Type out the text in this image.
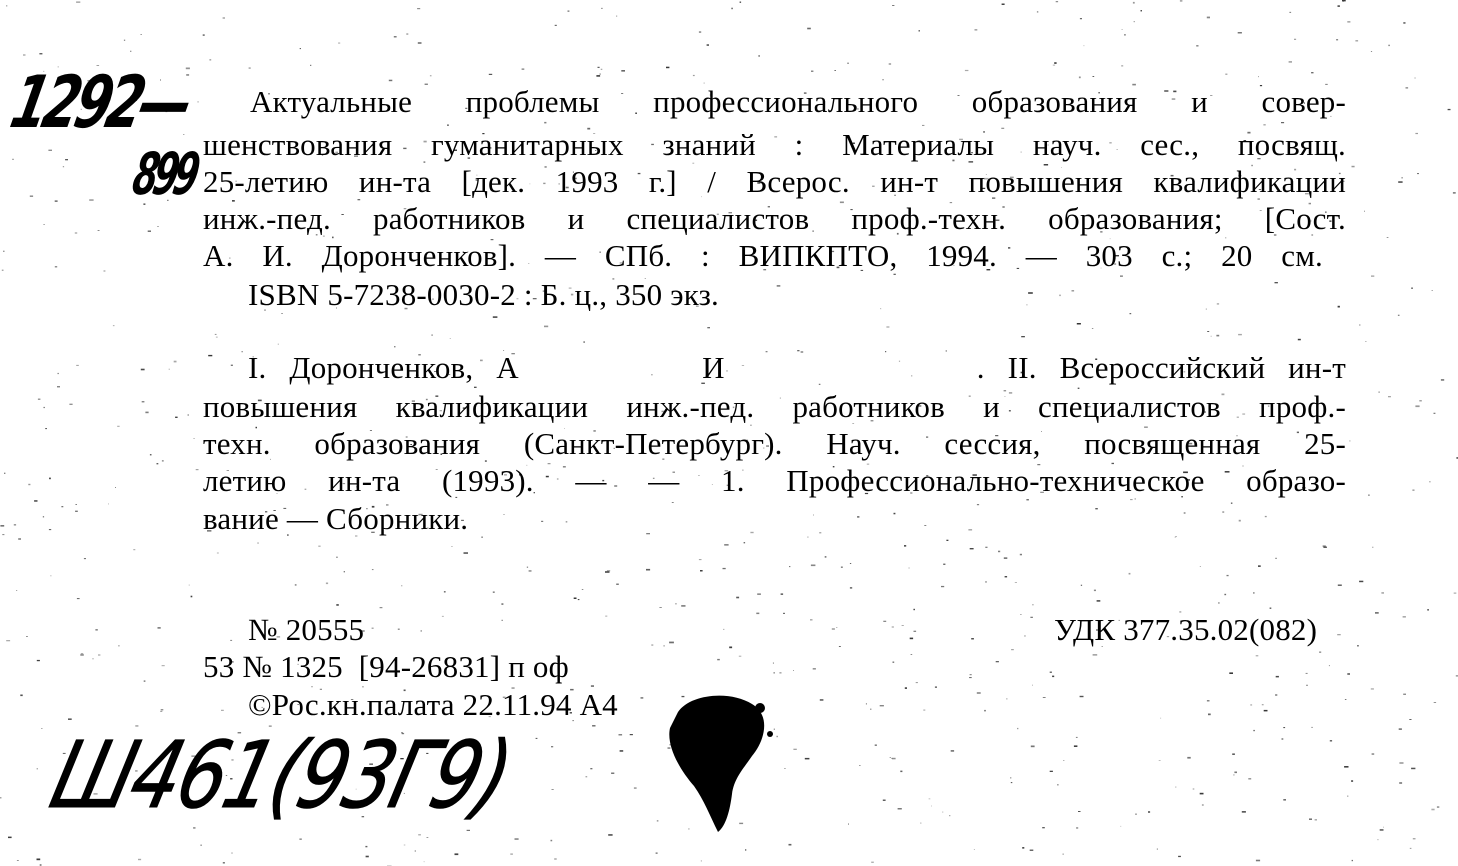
1292—
899
Актуальные проблемы профессионального образования и совер-
шенствования гуманитарных знаний : Материалы науч. сес., посвящ.
25-летию ин-та [дек. 1993 г.] / Всерос. ин-т повышения квалификации
инж.-пед. работников и специалистов проф.-техн. образования; [Сост.
А. И. Доронченков]. — СПб. : ВИПКПТО, 1994. — 303 с.; 20 см.
ISBN 5-7238-0030-2 : Б. ц., 350 экз.
I. Доронченков, А        И           . II. Всероссийский ин-т
повышения квалификации инж.-пед. работников и специалистов проф.-
техн. образования (Санкт-Петербург). Науч. сессия, посвященная 25-
летию ин-та (1993). — — 1. Профессионально-техническое образо-
вание — Сборники.
№ 20555	УДК 377.35.02(082)
53 № 1325  [94-26831] п оф
©Рос.кн.палата 22.11.94 А4
Ш461(93Г9)
